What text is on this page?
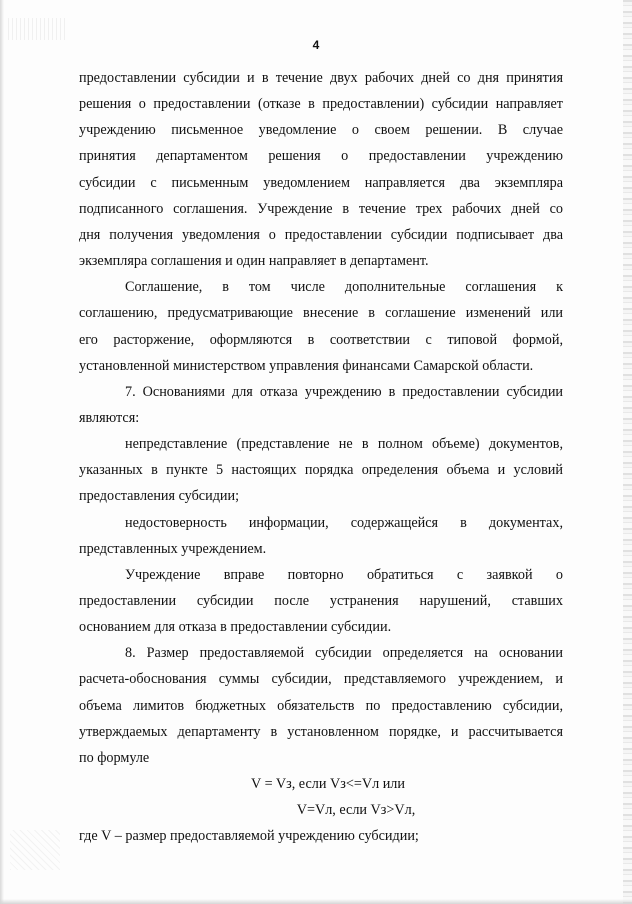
4
предоставлении субсидии и в течение двух рабочих дней со дня принятия
решения о предоставлении (отказе в предоставлении) субсидии направляет
учреждению письменное уведомление о своем решении. В случае
принятия департаментом решения о предоставлении учреждению
субсидии с письменным уведомлением направляется два экземпляра
подписанного соглашения. Учреждение в течение трех рабочих дней со
дня получения уведомления о предоставлении субсидии подписывает два
экземпляра соглашения и один направляет в департамент.
Соглашение, в том числе дополнительные соглашения к
соглашению, предусматривающие внесение в соглашение изменений или
его расторжение, оформляются в соответствии с типовой формой,
установленной министерством управления финансами Самарской области.
7. Основаниями для отказа учреждению в предоставлении субсидии
являются:
непредставление (представление не в полном объеме) документов,
указанных в пункте 5 настоящих порядка определения объема и условий
предоставления субсидии;
недостоверность информации, содержащейся в документах,
представленных учреждением.
Учреждение вправе повторно обратиться с заявкой о
предоставлении субсидии после устранения нарушений, ставших
основанием для отказа в предоставлении субсидии.
8. Размер предоставляемой субсидии определяется на основании
расчета-обоснования суммы субсидии, представляемого учреждением, и
объема лимитов бюджетных обязательств по предоставлению субсидии,
утверждаемых департаменту в установленном порядке, и рассчитывается
по формуле
V = Vз, если Vз<=Vл или
V=Vл, если Vз>Vл,
где V – размер предоставляемой учреждению субсидии;
